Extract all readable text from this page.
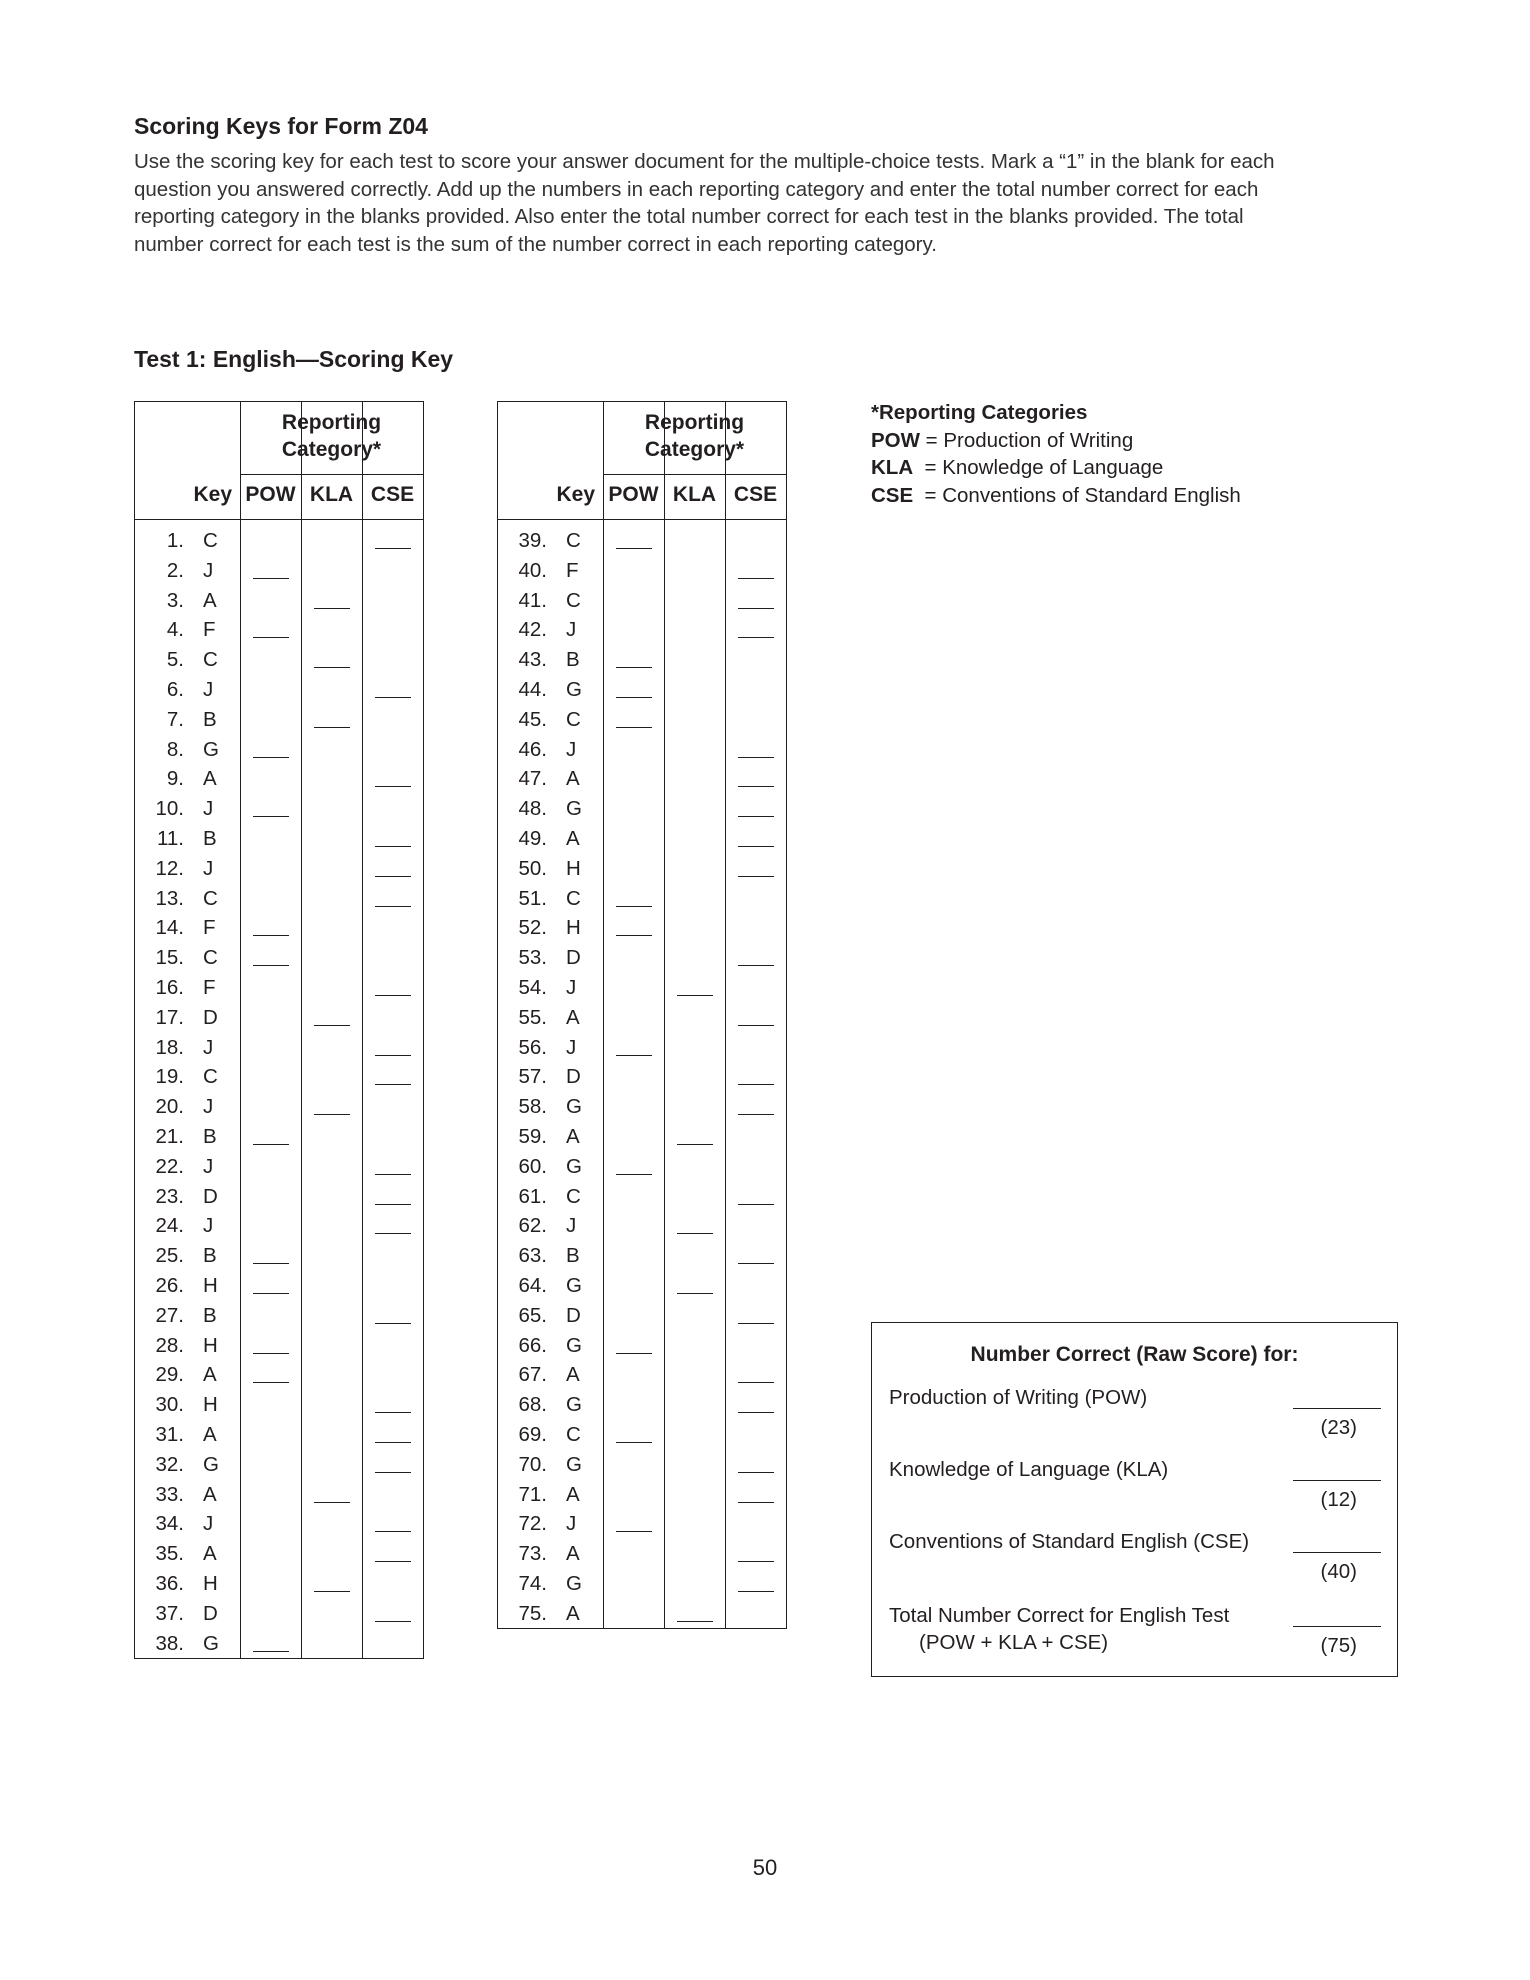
Scoring Keys for Form Z04

Use the scoring key for each test to score your answer document for the multiple-choice tests. Mark a “1” in the blank for each question you answered correctly. Add up the numbers in each reporting category and enter the total number correct for each reporting category in the blanks provided. Also enter the total number correct for each test in the blanks provided. The total number correct for each test is the sum of the number correct in each reporting category.

Test 1: English—Scoring Key
Reporting
Category*
Key POW KLA CSE
1. C
2. J
3. A
4. F
5. C
6. J
7. B
8. G
9. A
10. J
11. B
12. J
13. C
14. F
15. C
16. F
17. D
18. J
19. C
20. J
21. B
22. J
23. D
24. J
25. B
26. H
27. B
28. H
29. A
30. H
31. A
32. G
33. A
34. J
35. A
36. H
37. D
38. G
Reporting
Category*
Key POW KLA CSE
39. C
40. F
41. C
42. J
43. B
44. G
45. C
46. J
47. A
48. G
49. A
50. H
51. C
52. H
53. D
54. J
55. A
56. J
57. D
58. G
59. A
60. G
61. C
62. J
63. B
64. G
65. D
66. G
67. A
68. G
69. C
70. G
71. A
72. J
73. A
74. G
75. A
*Reporting Categories
POW = Production of Writing
KLA  = Knowledge of Language
CSE  = Conventions of Standard English
Number Correct (Raw Score) for:
Production of Writing (POW)
(23)
Knowledge of Language (KLA)
(12)
Conventions of Standard English (CSE)
(40)
Total Number Correct for English Test
(POW + KLA + CSE)	(75)
50
